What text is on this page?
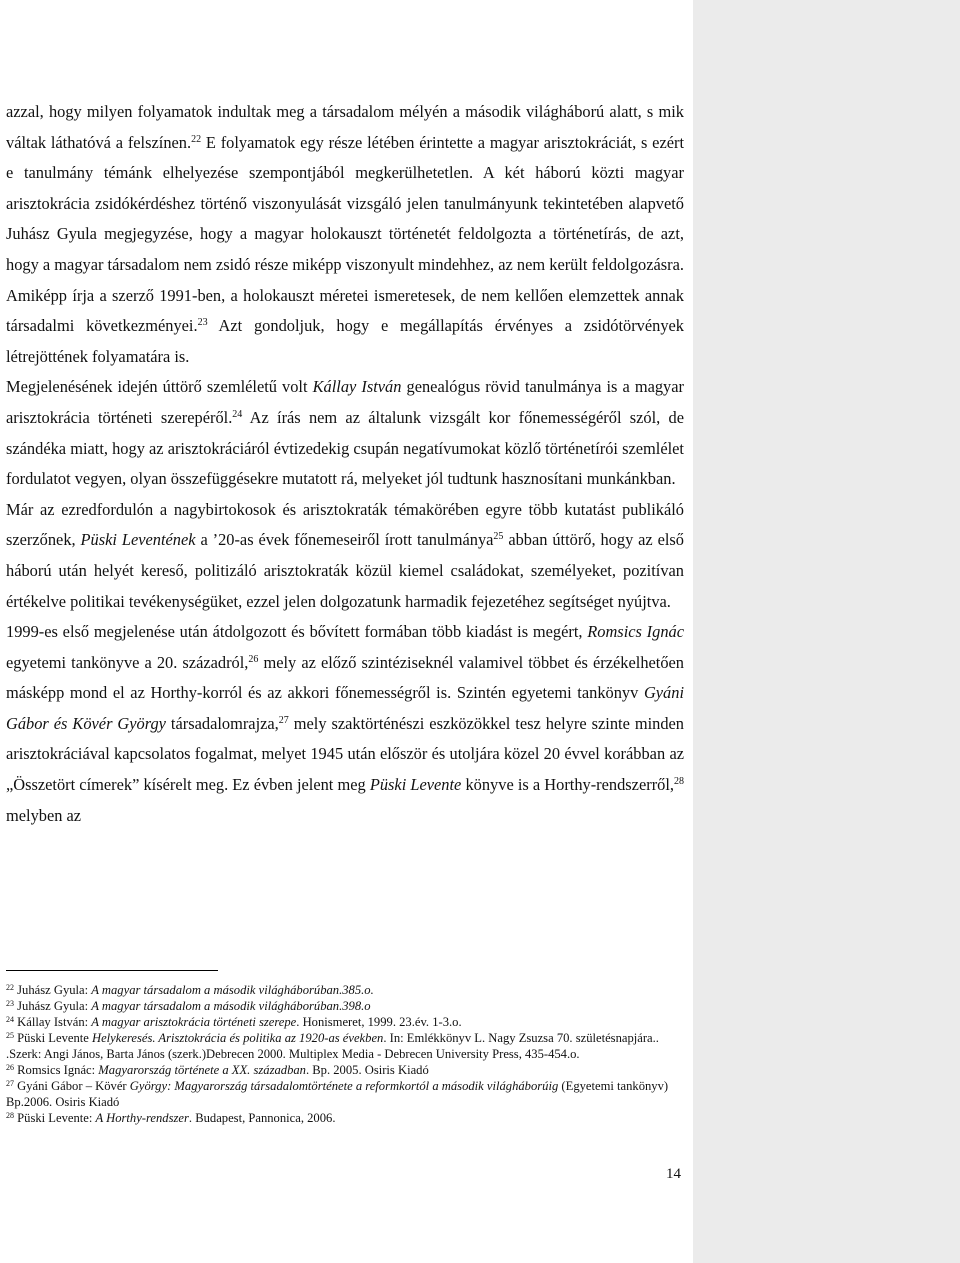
azzal, hogy milyen folyamatok indultak meg a társadalom mélyén a második világháború alatt, s mik váltak láthatóvá a felszínen.$^{22}$ E folyamatok egy része létében érintette a magyar arisztokráciát, s ezért e tanulmány témánk elhelyezése szempontjából megkerülhetetlen. A két háború közti magyar arisztokrácia zsidókérdéshez történő viszonyulását vizsgáló jelen tanulmányunk tekintetében alapvető Juhász Gyula megjegyzése, hogy a magyar holokauszt történetét feldolgozta a történetírás, de azt, hogy a magyar társadalom nem zsidó része miképp viszonyult mindehhez, az nem került feldolgozásra. Amiképp írja a szerző 1991-ben, a holokauszt méretei ismeretesek, de nem kellően elemzettek annak társadalmi következményei.$^{23}$ Azt gondoljuk, hogy e megállapítás érvényes a zsidótörvények létrejöttének folyamatára is.

Megjelenésének idején úttörő szemléletű volt Kállay István genealógus rövid tanulmánya is a magyar arisztokrácia történeti szerepéről.$^{24}$ Az írás nem az általunk vizsgált kor főnemességéről szól, de szándéka miatt, hogy az arisztokráciáról évtizedekig csupán negatívumokat közlő történetírói szemlélet fordulatot vegyen, olyan összefüggésekre mutatott rá, melyeket jól tudtunk hasznosítani munkánkban.

Már az ezredfordulón a nagybirtokosok és arisztokraták témakörében egyre több kutatást publikáló szerzőnek, Püski Leventének a ’20-as évek főnemeseiről írott tanulmánya$^{25}$ abban úttörő, hogy az első háború után helyét kereső, politizáló arisztokraták közül kiemel családokat, személyeket, pozitívan értékelve politikai tevékenységüket, ezzel jelen dolgozatunk harmadik fejezetéhez segítséget nyújtva.

1999-es első megjelenése után átdolgozott és bővített formában több kiadást is megért, Romsics Ignác egyetemi tankönyve a 20. századról,$^{26}$ mely az előző szintéziseknél valamivel többet és érzékelhetően másképp mond el az Horthy-korról és az akkori főnemességről is. Szintén egyetemi tankönyv Gyáni Gábor és Kövér György társadalomrajza,$^{27}$ mely szaktörténészi eszközökkel tesz helyre szinte minden arisztokráciával kapcsolatos fogalmat, melyet 1945 után először és utoljára közel 20 évvel korábban az „Összetört címerek” kísérelt meg. Ez évben jelent meg Püski Levente könyve is a Horthy-rendszerről,$^{28}$ melyben az

$^{22}$ Juhász Gyula: A magyar társadalom a második világháborúban.385.o.

$^{23}$ Juhász Gyula: A magyar társadalom a második világháborúban.398.o

$^{24}$ Kállay István: A magyar arisztokrácia történeti szerepe. Honismeret, 1999. 23.év. 1-3.o.

$^{25}$ Püski Levente Helykeresés. Arisztokrácia és politika az 1920-as években. In: Emlékkönyv L. Nagy Zsuzsa 70. születésnapjára.. .Szerk: Angi János, Barta János (szerk.)Debrecen 2000. Multiplex Media - Debrecen University Press, 435-454.o.

$^{26}$ Romsics Ignác: Magyarország története a XX. században. Bp. 2005. Osiris Kiadó

$^{27}$ Gyáni Gábor – Kövér György: Magyarország társadalomtörténete a reformkortól a második világháborúig (Egyetemi tankönyv) Bp.2006. Osiris Kiadó

$^{28}$ Püski Levente: A Horthy-rendszer. Budapest, Pannonica, 2006.

14
